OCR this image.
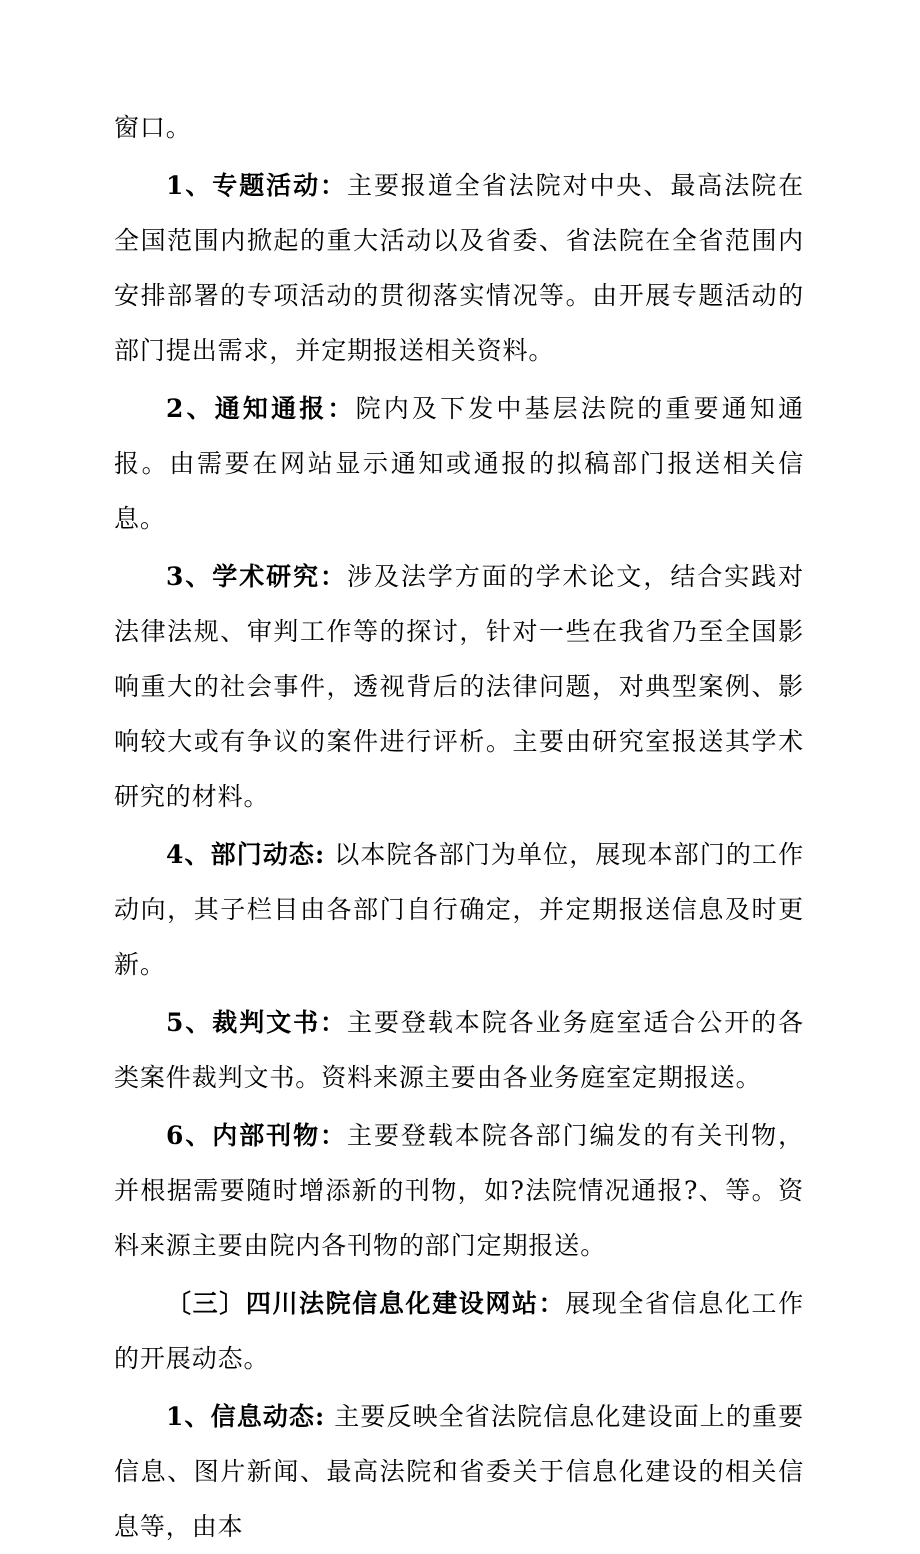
窗口。

1、专题活动：主要报道全省法院对中央、最高法院在全国范围内掀起的重大活动以及省委、省法院在全省范围内安排部署的专项活动的贯彻落实情况等。由开展专题活动的部门提出需求，并定期报送相关资料。

2、通知通报：院内及下发中基层法院的重要通知通报。由需要在网站显示通知或通报的拟稿部门报送相关信息。

3、学术研究：涉及法学方面的学术论文，结合实践对法律法规、审判工作等的探讨，针对一些在我省乃至全国影响重大的社会事件，透视背后的法律问题，对典型案例、影响较大或有争议的案件进行评析。主要由研究室报送其学术研究的材料。

4、部门动态: 以本院各部门为单位，展现本部门的工作动向，其子栏目由各部门自行确定，并定期报送信息及时更新。

5、裁判文书：主要登载本院各业务庭室适合公开的各类案件裁判文书。资料来源主要由各业务庭室定期报送。

6、内部刊物：主要登载本院各部门编发的有关刊物，并根据需要随时增添新的刊物，如?法院情况通报?、等。资料来源主要由院内各刊物的部门定期报送。

〔三〕四川法院信息化建设网站：展现全省信息化工作的开展动态。

1、信息动态: 主要反映全省法院信息化建设面上的重要信息、图片新闻、最高法院和省委关于信息化建设的相关信息等，由本
